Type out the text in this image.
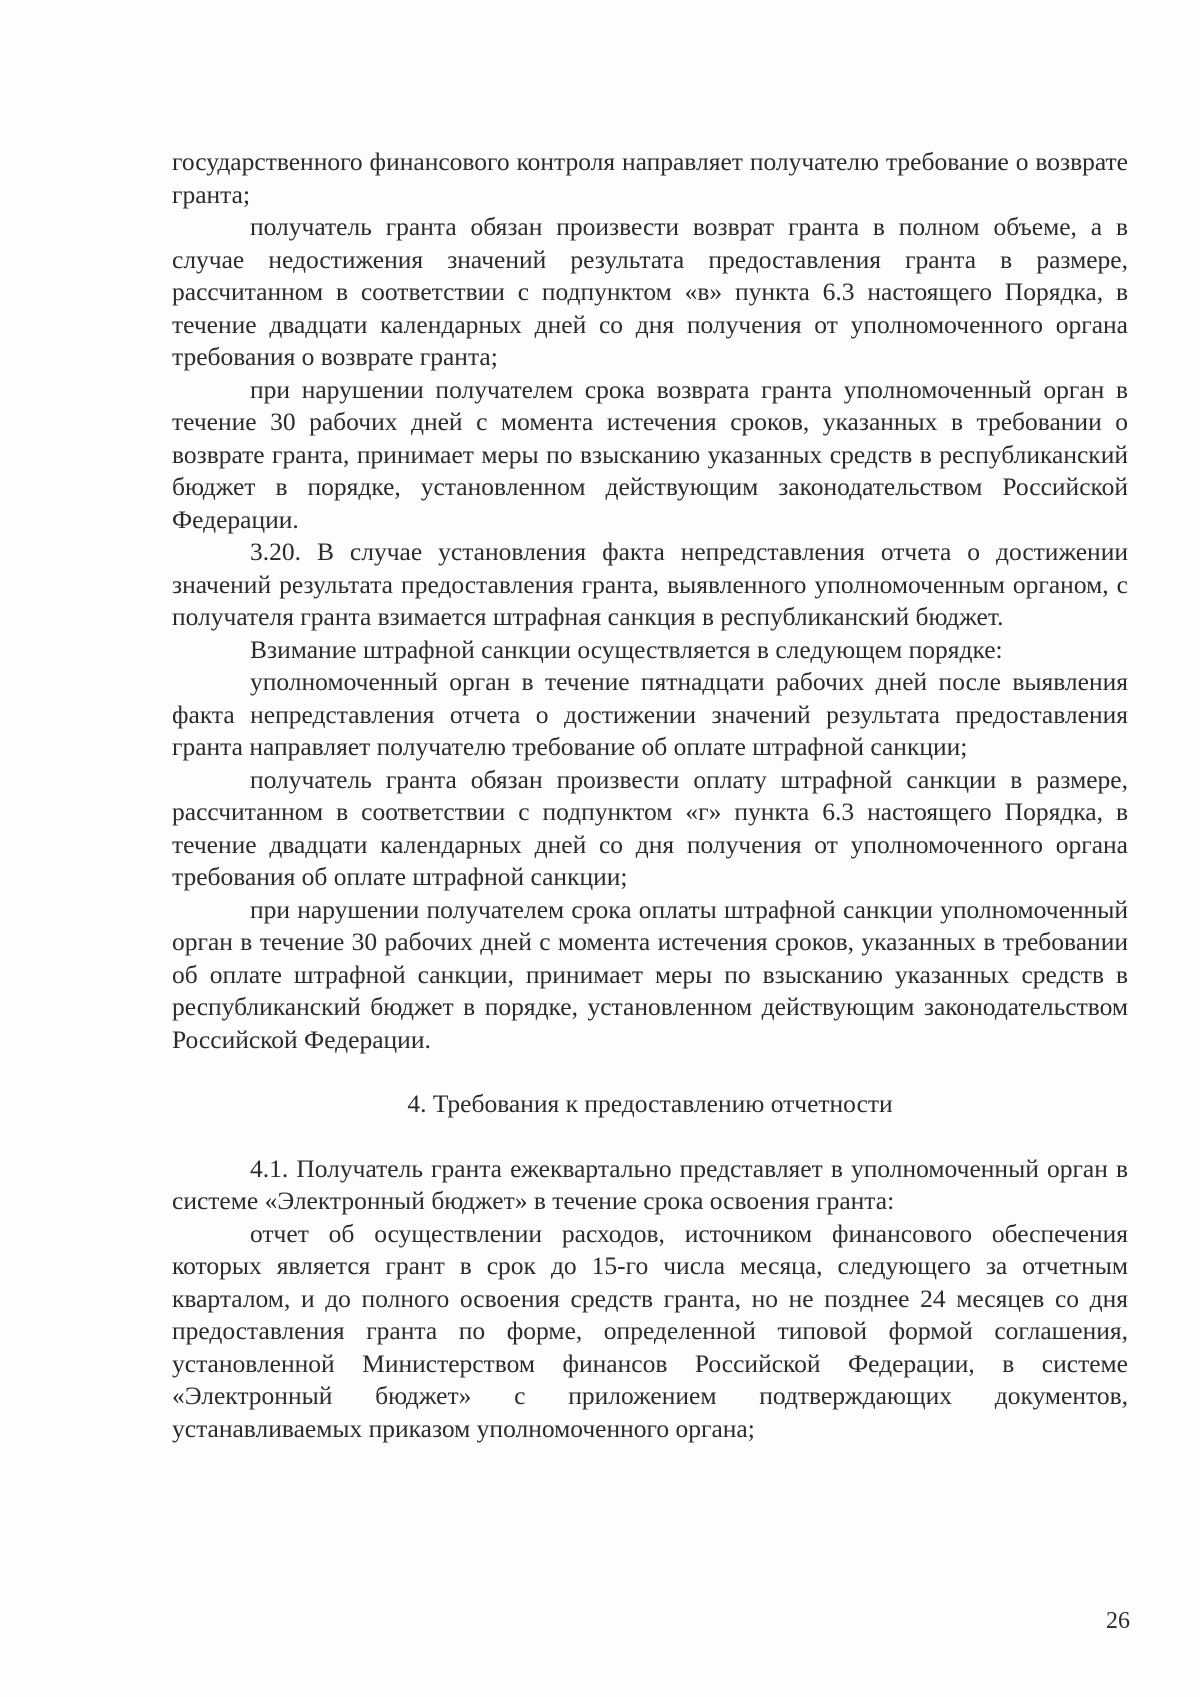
государственного финансового контроля направляет получателю требование о возврате гранта;

получатель гранта обязан произвести возврат гранта в полном объеме, а в случае недостижения значений результата предоставления гранта в размере, рассчитанном в соответствии с подпунктом «в» пункта 6.3 настоящего Порядка, в течение двадцати календарных дней со дня получения от уполномоченного органа требования о возврате гранта;

при нарушении получателем срока возврата гранта уполномоченный орган в течение 30 рабочих дней с момента истечения сроков, указанных в требовании о возврате гранта, принимает меры по взысканию указанных средств в республиканский бюджет в порядке, установленном действующим законодательством Российской Федерации.

3.20. В случае установления факта непредставления отчета о достижении значений результата предоставления гранта, выявленного уполномоченным органом, с получателя гранта взимается штрафная санкция в республиканский бюджет.

Взимание штрафной санкции осуществляется в следующем порядке:

уполномоченный орган в течение пятнадцати рабочих дней после выявления факта непредставления отчета о достижении значений результата предоставления гранта направляет получателю требование об оплате штрафной санкции;

получатель гранта обязан произвести оплату штрафной санкции в размере, рассчитанном в соответствии с подпунктом «г» пункта 6.3 настоящего Порядка, в течение двадцати календарных дней со дня получения от уполномоченного органа требования об оплате штрафной санкции;

при нарушении получателем срока оплаты штрафной санкции уполномоченный орган в течение 30 рабочих дней с момента истечения сроков, указанных в требовании об оплате штрафной санкции, принимает меры по взысканию указанных средств в республиканский бюджет в порядке, установленном действующим законодательством Российской Федерации.

4. Требования к предоставлению отчетности

4.1. Получатель гранта ежеквартально представляет в уполномоченный орган в системе «Электронный бюджет» в течение срока освоения гранта:

отчет об осуществлении расходов, источником финансового обеспечения которых является грант в срок до 15-го числа месяца, следующего за отчетным кварталом, и до полного освоения средств гранта, но не позднее 24 месяцев со дня предоставления гранта по форме, определенной типовой формой соглашения, установленной Министерством финансов Российской Федерации, в системе «Электронный бюджет» с приложением подтверждающих документов, устанавливаемых приказом уполномоченного органа;

26
